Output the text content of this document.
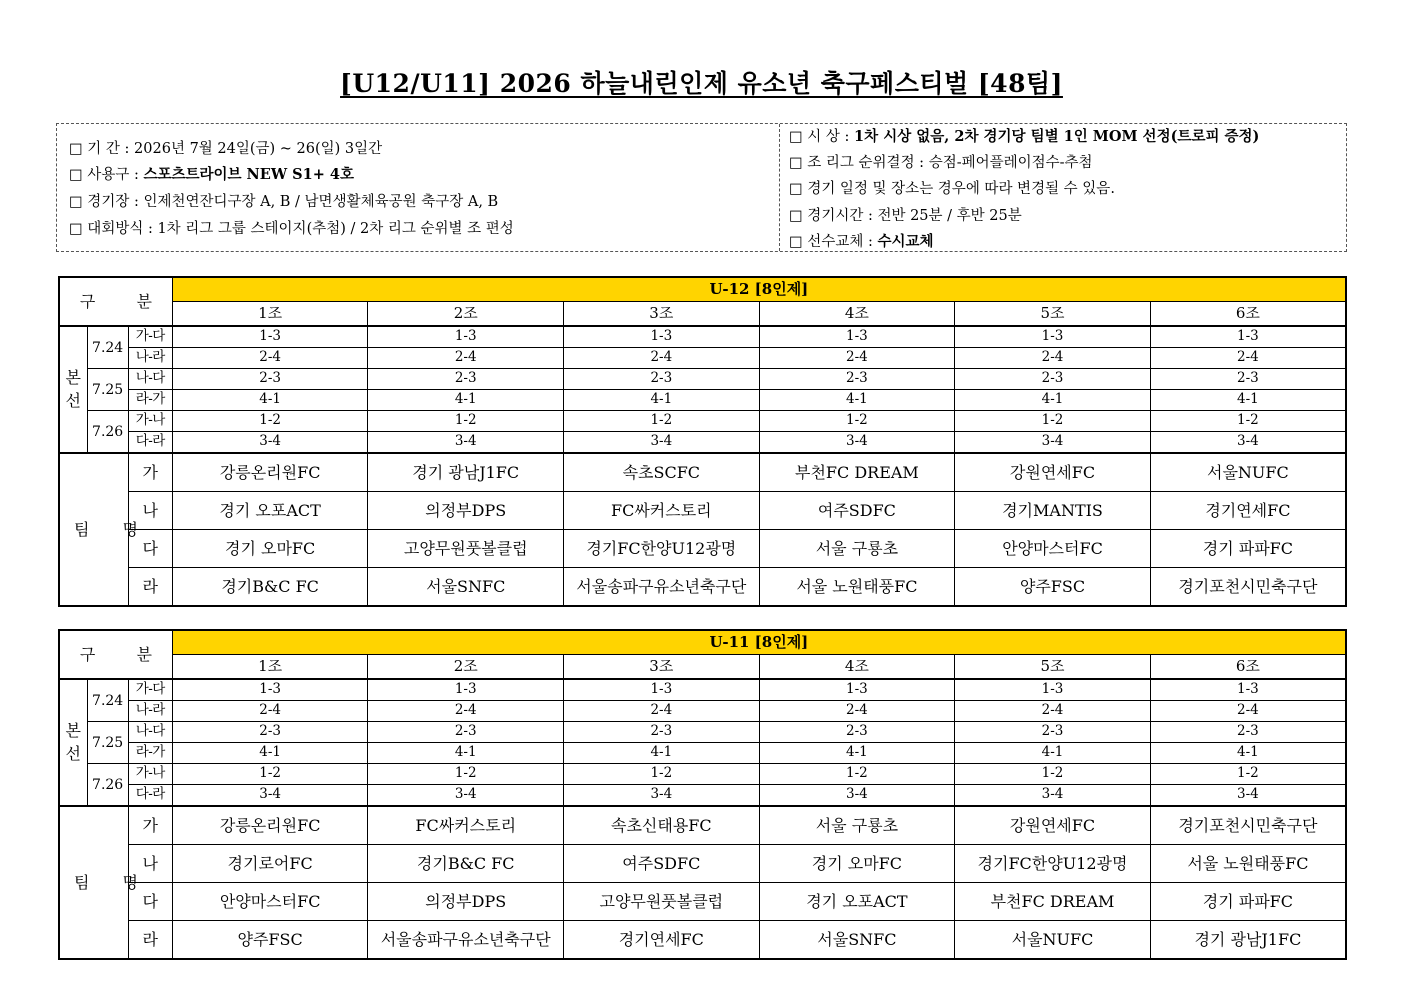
[U12/U11] 2026 하늘내린인제 유소년 축구페스티벌 [48팀]
□ 기 간 : 2026년 7월 24일(금) ~ 26(일) 3일간
□ 사용구 : 스포츠트라이브 NEW S1+ 4호
□ 경기장 : 인제천연잔디구장 A, B / 남면생활체육공원 축구장 A, B
□ 대회방식 : 1차 리그 그룹 스테이지(추첨) / 2차 리그 순위별 조 편성
□ 시 상 : 1차 시상 없음, 2차 경기당 팀별 1인 MOM 선정(트로피 증정)
□ 조 리그 순위결정 : 승점-페어플레이점수-추첨
□ 경기 일정 및 장소는 경우에 따라 변경될 수 있음.
□ 경기시간 : 전반 25분 / 후반 25분
□ 선수교체 : 수시교체
구 분			U-12 [8인제]					
			1조	2조	3조	4조	5조	6조
본
선	7.24	가-다	1-3	1-3	1-3	1-3	1-3	1-3
		나-라	2-4	2-4	2-4	2-4	2-4	2-4
	7.25	나-다	2-3	2-3	2-3	2-3	2-3	2-3
		라-가	4-1	4-1	4-1	4-1	4-1	4-1
	7.26	가-나	1-2	1-2	1-2	1-2	1-2	1-2
		다-라	3-4	3-4	3-4	3-4	3-4	3-4
팀 명		가	강릉온리원FC	경기 광남J1FC	속초SCFC	부천FC DREAM	강원연세FC	서울NUFC
		나	경기 오포ACT	의정부DPS	FC싸커스토리	여주SDFC	경기MANTIS	경기연세FC
		다	경기 오마FC	고양무원풋볼클럽	경기FC한양U12광명	서울 구룡초	안양마스터FC	경기 파파FC
		라	경기B&C FC	서울SNFC	서울송파구유소년축구단	서울 노원태풍FC	양주FSC	경기포천시민축구단
구 분			U-11 [8인제]					
			1조	2조	3조	4조	5조	6조
본
선	7.24	가-다	1-3	1-3	1-3	1-3	1-3	1-3
		나-라	2-4	2-4	2-4	2-4	2-4	2-4
	7.25	나-다	2-3	2-3	2-3	2-3	2-3	2-3
		라-가	4-1	4-1	4-1	4-1	4-1	4-1
	7.26	가-나	1-2	1-2	1-2	1-2	1-2	1-2
		다-라	3-4	3-4	3-4	3-4	3-4	3-4
팀 명		가	강릉온리원FC	FC싸커스토리	속초신태용FC	서울 구룡초	강원연세FC	경기포천시민축구단
		나	경기로어FC	경기B&C FC	여주SDFC	경기 오마FC	경기FC한양U12광명	서울 노원태풍FC
		다	안양마스터FC	의정부DPS	고양무원풋볼클럽	경기 오포ACT	부천FC DREAM	경기 파파FC
		라	양주FSC	서울송파구유소년축구단	경기연세FC	서울SNFC	서울NUFC	경기 광남J1FC
